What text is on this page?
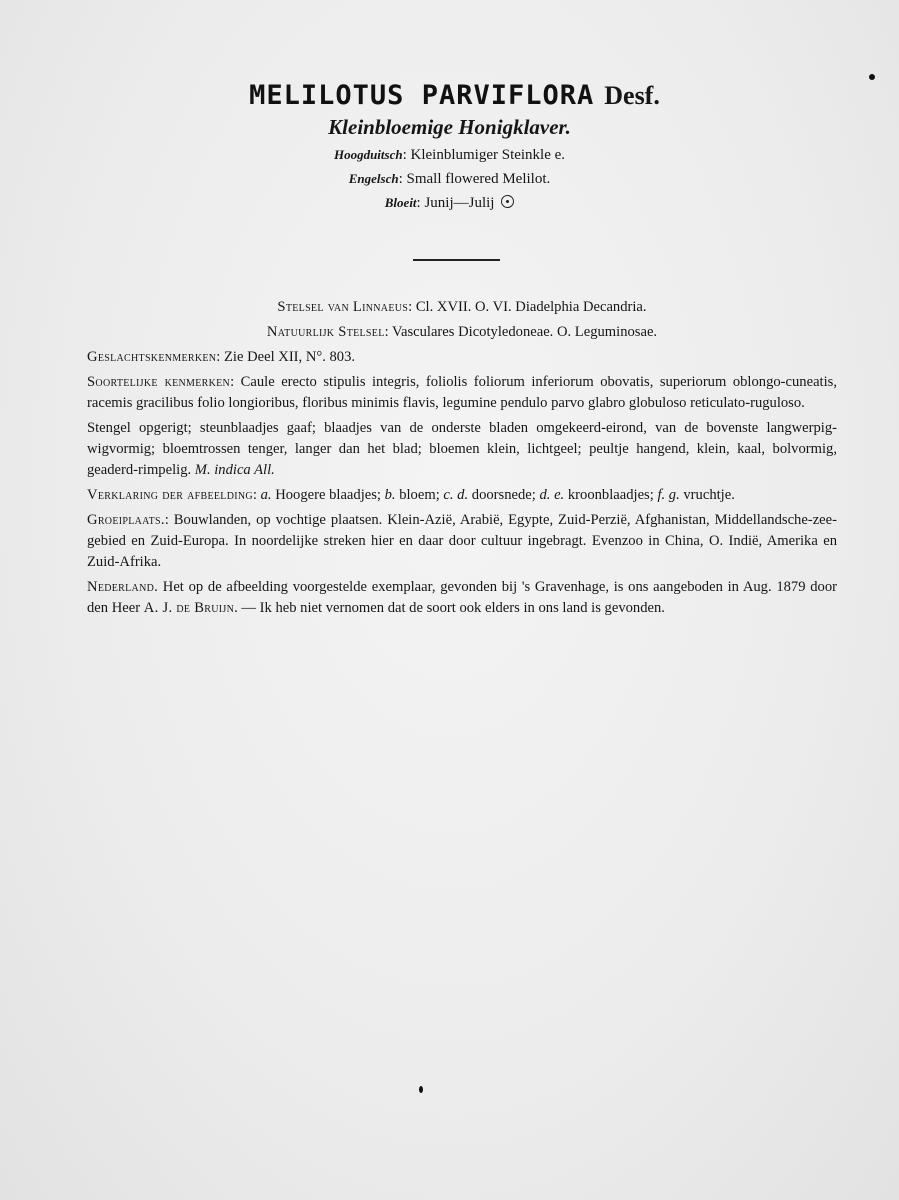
MELILOTUS PARVIFLORA Desf.
Kleinbloemige Honigklaver.
Hoogduitsch: Kleinblumiger Steinkle e.
Engelsch: Small flowered Melilot.
Bloeit: Junij—Julij

Stelsel van Linnaeus: Cl. XVII. O. VI. Diadelphia Decandria.

Natuurlijk Stelsel: Vasculares Dicotyledoneae. O. Leguminosae.

Geslachtskenmerken: Zie Deel XII, N°. 803.

Soortelijke kenmerken: Caule erecto stipulis integris, foliolis foliorum inferiorum obovatis, superiorum oblongo-cuneatis, racemis gracilibus folio longioribus, floribus minimis flavis, legumine pendulo parvo glabro globuloso reticulato-ruguloso.

Stengel opgerigt; steunblaadjes gaaf; blaadjes van de onderste bladen omgekeerd-eirond, van de bovenste langwerpig-wigvormig; bloemtrossen tenger, langer dan het blad; bloemen klein, lichtgeel; peultje hangend, klein, kaal, bolvormig, geaderd-rimpelig. M. indica All.

Verklaring der afbeelding: a. Hoogere blaadjes; b. bloem; c. d. doorsnede; d. e. kroonblaadjes; f. g. vruchtje.

Groeiplaats.: Bouwlanden, op vochtige plaatsen. Klein-Azië, Arabië, Egypte, Zuid-Perzië, Afghanistan, Middellandsche-zee-gebied en Zuid-Europa. In noordelijke streken hier en daar door cultuur ingebragt. Evenzoo in China, O. Indië, Amerika en Zuid-Afrika.

Nederland. Het op de afbeelding voorgestelde exemplaar, gevonden bij 's Gravenhage, is ons aangeboden in Aug. 1879 door den Heer A. J. de Bruijn. — Ik heb niet vernomen dat de soort ook elders in ons land is gevonden.
